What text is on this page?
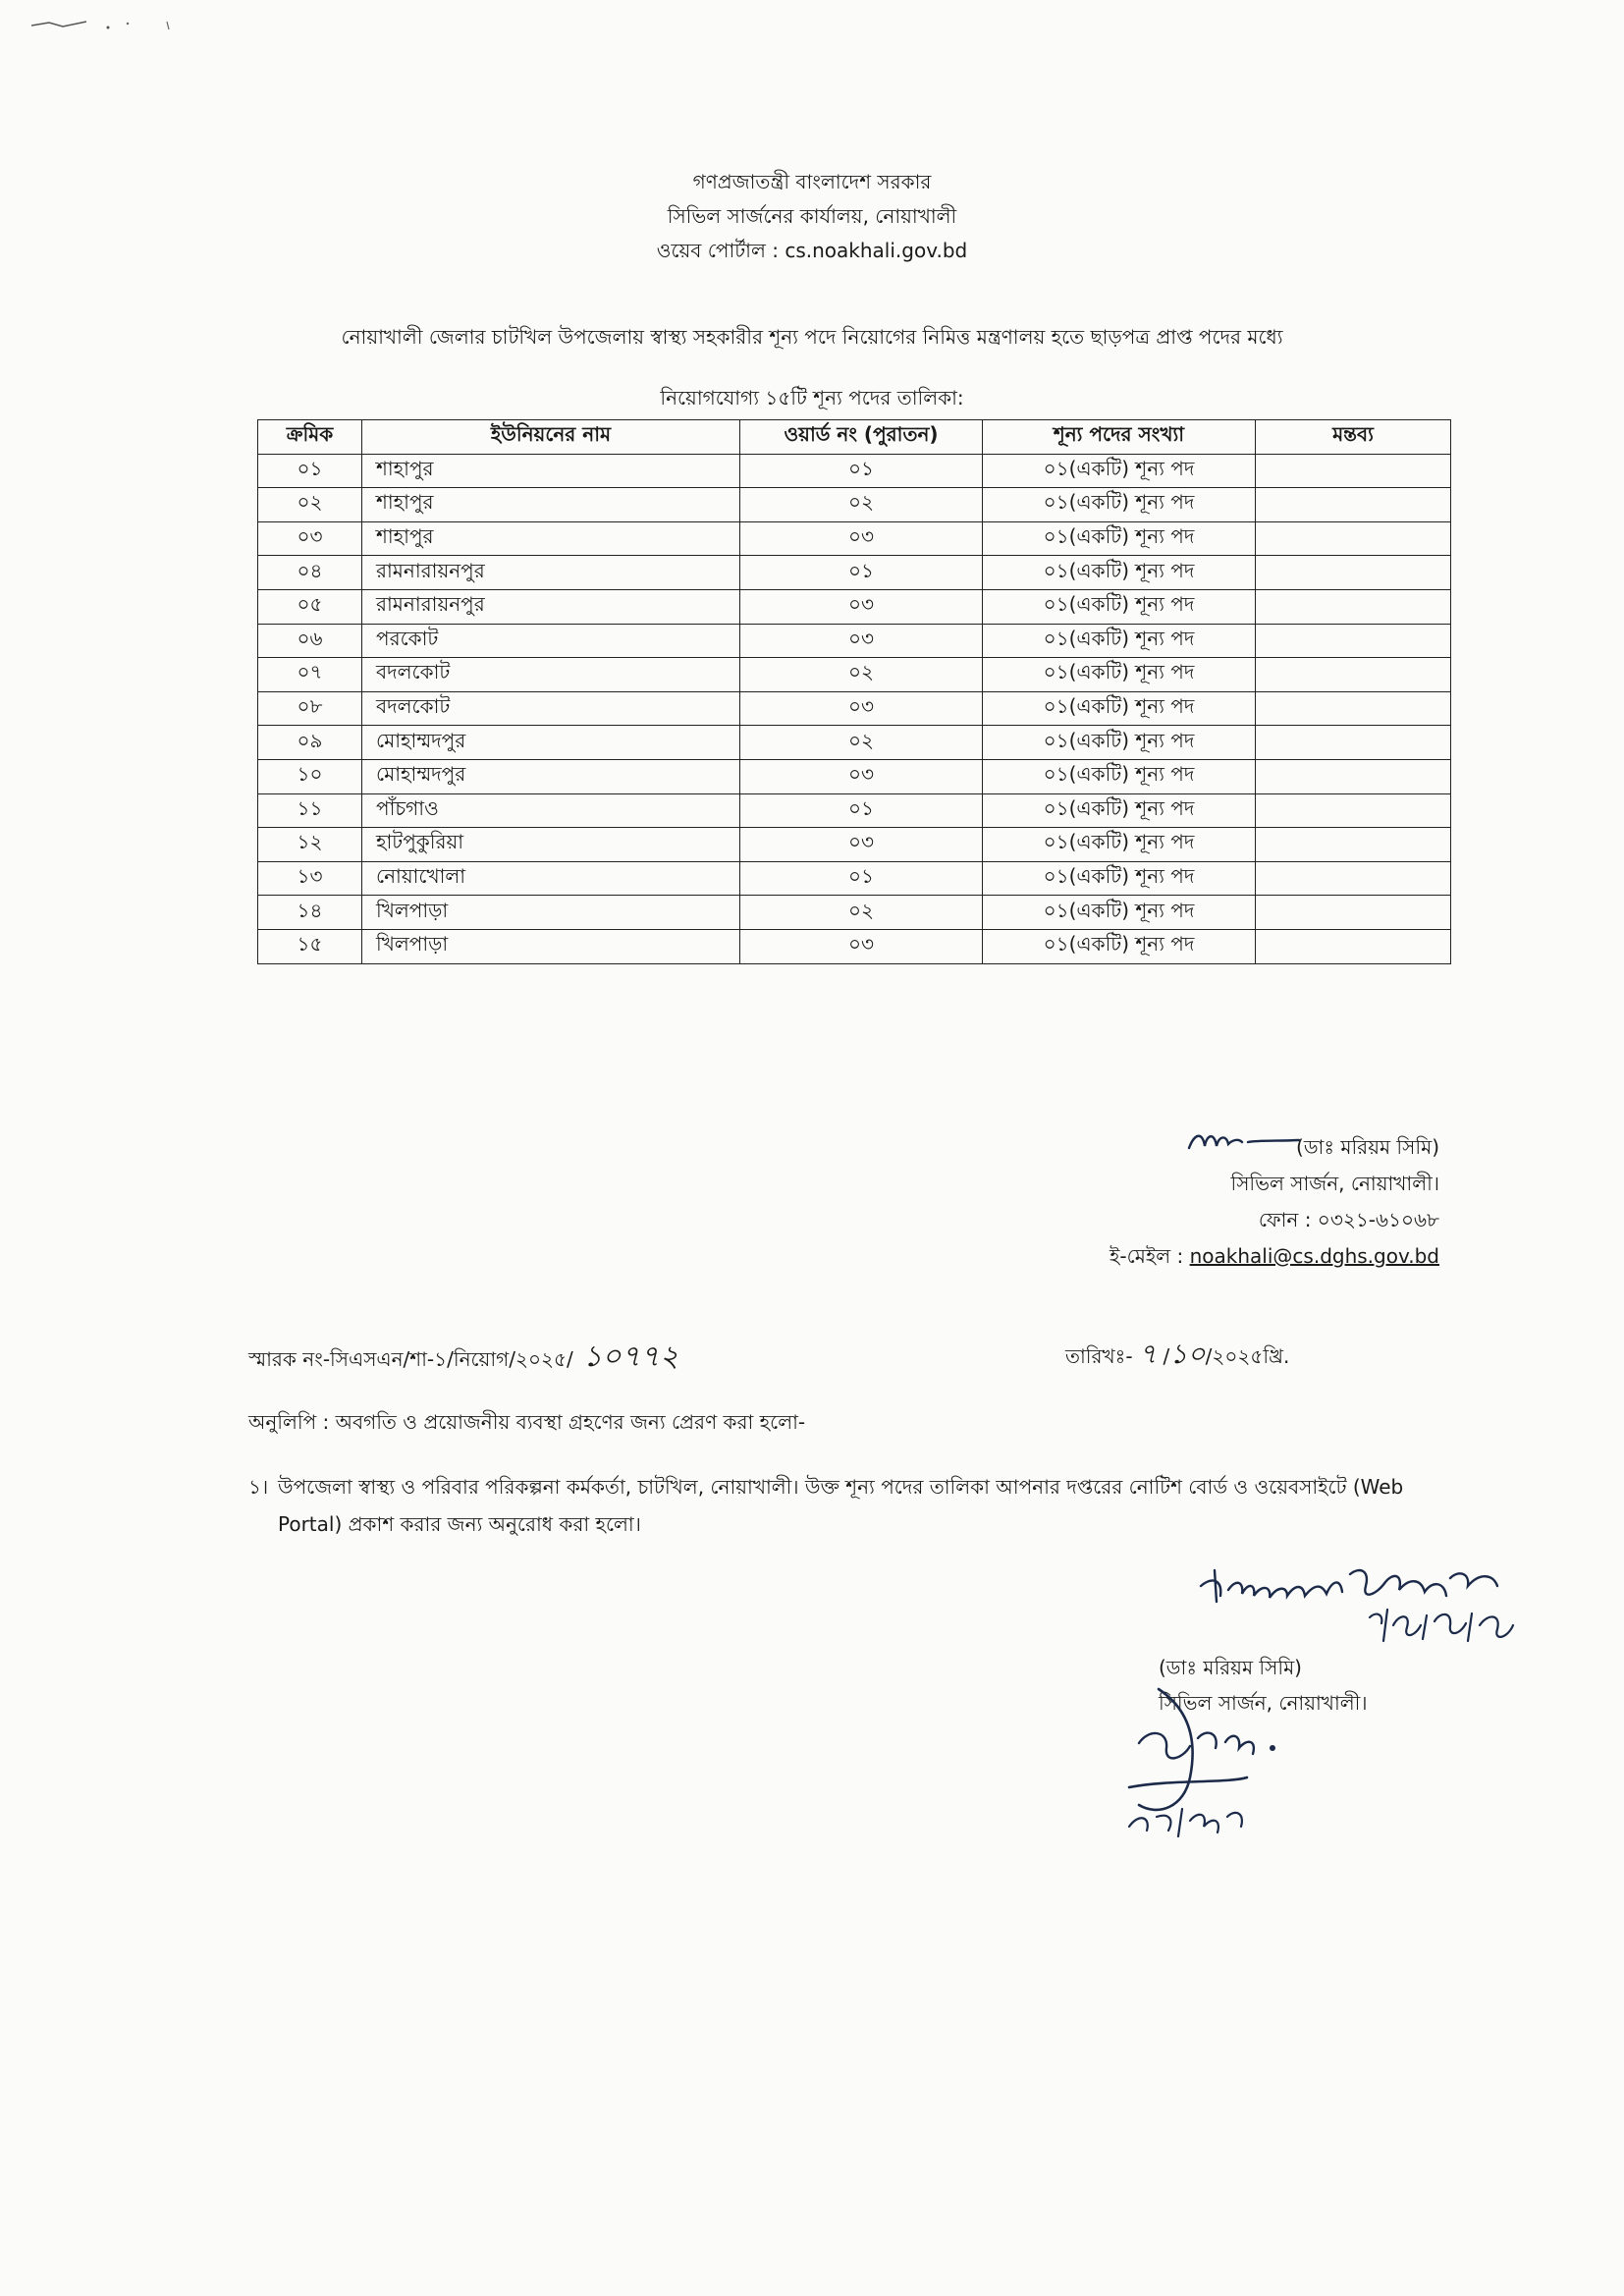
গণপ্রজাতন্ত্রী বাংলাদেশ সরকার
সিভিল সার্জনের কার্যালয়, নোয়াখালী
ওয়েব পোর্টাল : cs.noakhali.gov.bd
নোয়াখালী জেলার চাটখিল উপজেলায় স্বাস্থ্য সহকারীর শূন্য পদে নিয়োগের নিমিত্ত মন্ত্রণালয় হতে ছাড়পত্র প্রাপ্ত পদের মধ্যে
নিয়োগযোগ্য ১৫টি শূন্য পদের তালিকা:
ক্রমিক	ইউনিয়নের নাম	ওয়ার্ড নং (পুরাতন)	শূন্য পদের সংখ্যা	মন্তব্য
০১	শাহাপুর	০১	০১(একটি) শূন্য পদ	
০২	শাহাপুর	০২	০১(একটি) শূন্য পদ	
০৩	শাহাপুর	০৩	০১(একটি) শূন্য পদ	
০৪	রামনারায়নপুর	০১	০১(একটি) শূন্য পদ	
০৫	রামনারায়নপুর	০৩	০১(একটি) শূন্য পদ	
০৬	পরকোট	০৩	০১(একটি) শূন্য পদ	
০৭	বদলকোট	০২	০১(একটি) শূন্য পদ	
০৮	বদলকোট	০৩	০১(একটি) শূন্য পদ	
০৯	মোহাম্মদপুর	০২	০১(একটি) শূন্য পদ	
১০	মোহাম্মদপুর	০৩	০১(একটি) শূন্য পদ	
১১	পাঁচগাও	০১	০১(একটি) শূন্য পদ	
১২	হাটপুকুরিয়া	০৩	০১(একটি) শূন্য পদ	
১৩	নোয়াখোলা	০১	০১(একটি) শূন্য পদ	
১৪	খিলপাড়া	০২	০১(একটি) শূন্য পদ	
১৫	খিলপাড়া	০৩	০১(একটি) শূন্য পদ	
(ডাঃ মরিয়ম সিমি)
সিভিল সার্জন, নোয়াখালী।
ফোন : ০৩২১-৬১০৬৮
ই-মেইল : noakhali@cs.dghs.gov.bd
স্মারক নং-সিএসএন/শা-১/নিয়োগ/২০২৫/ ১০৭৭২	তারিখঃ- ৭ /১০/২০২৫খ্রি.
অনুলিপি : অবগতি ও প্রয়োজনীয় ব্যবস্থা গ্রহণের জন্য প্রেরণ করা হলো-
১। উপজেলা স্বাস্থ্য ও পরিবার পরিকল্পনা কর্মকর্তা, চাটখিল, নোয়াখালী। উক্ত শূন্য পদের তালিকা আপনার দপ্তরের নোটিশ বোর্ড ও ওয়েবসাইটে (Web Portal) প্রকাশ করার জন্য অনুরোধ করা হলো।
(ডাঃ মরিয়ম সিমি)
সিভিল সার্জন, নোয়াখালী।
